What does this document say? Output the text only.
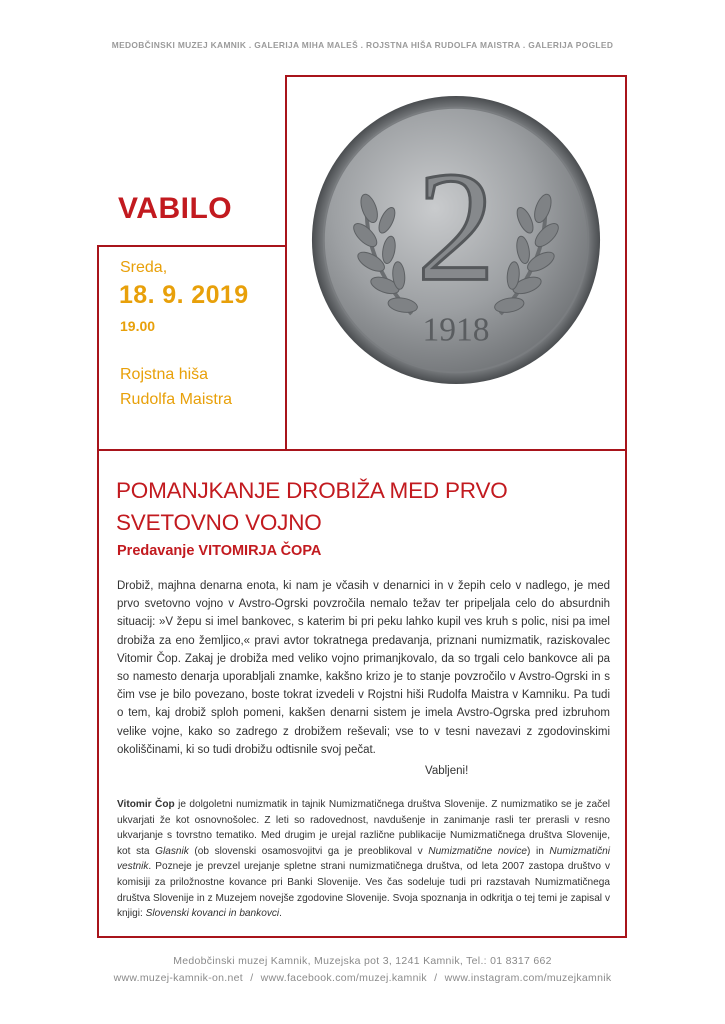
MEDOBČINSKI MUZEJ KAMNIK . GALERIJA MIHA MALEŠ . ROJSTNA HIŠA RUDOLFA MAISTRA . GALERIJA POGLED
VABILO
Sreda,
18. 9. 2019
19.00
Rojstna hiša
Rudolfa Maistra
2
1918
POMANJKANJE DROBIŽA MED PRVO
SVETOVNO VOJNO
Predavanje VITOMIRJA ČOPA
Drobiž, majhna denarna enota, ki nam je včasih v denarnici in v žepih celo v nadlego, je med prvo svetovno vojno v Avstro-Ogrski povzročila nemalo težav ter pripeljala celo do absurdnih situacij: »V žepu si imel bankovec, s katerim bi pri peku lahko kupil ves kruh s polic, nisi pa imel drobiža za eno žemljico,« pravi avtor tokratnega predavanja, priznani numizmatik, raziskovalec Vitomir Čop. Zakaj je drobiža med veliko vojno primanjkovalo, da so trgali celo bankovce ali pa so namesto denarja uporabljali znamke, kakšno krizo je to stanje povzročilo v Avstro-Ogrski in s čim vse je bilo povezano, boste tokrat izvedeli v Rojstni hiši Rudolfa Maistra v Kamniku. Pa tudi o tem, kaj drobiž sploh pomeni, kakšen denarni sistem je imela Avstro-Ogrska pred izbruhom velike vojne, kako so zadrego z drobižem reševali; vse to v tesni navezavi z zgodovinskimi okoliščinami, ki so tudi drobižu odtisnile svoj pečat.
Vabljeni!
Vitomir Čop je dolgoletni numizmatik in tajnik Numizmatičnega društva Slovenije. Z numizmatiko se je začel ukvarjati že kot osnovnošolec. Z leti so radovednost, navdušenje in zanimanje rasli ter prerasli v resno ukvarjanje s tovrstno tematiko. Med drugim je urejal različne publikacije Numizmatičnega društva Slovenije, kot sta Glasnik (ob slovenski osamosvojitvi ga je preoblikoval v Numizmatične novice) in Numizmatični vestnik. Pozneje je prevzel urejanje spletne strani numizmatičnega društva, od leta 2007 zastopa društvo v komisiji za priložnostne kovance pri Banki Slovenije. Ves čas sodeluje tudi pri razstavah Numizmatičnega društva Slovenije in z Muzejem novejše zgodovine Slovenije. Svoja spoznanja in odkritja o tej temi je zapisal v knjigi: Slovenski kovanci in bankovci.
Medobčinski muzej Kamnik, Muzejska pot 3, 1241 Kamnik, Tel.: 01 8317 662
www.muzej-kamnik-on.net / www.facebook.com/muzej.kamnik / www.instagram.com/muzejkamnik
